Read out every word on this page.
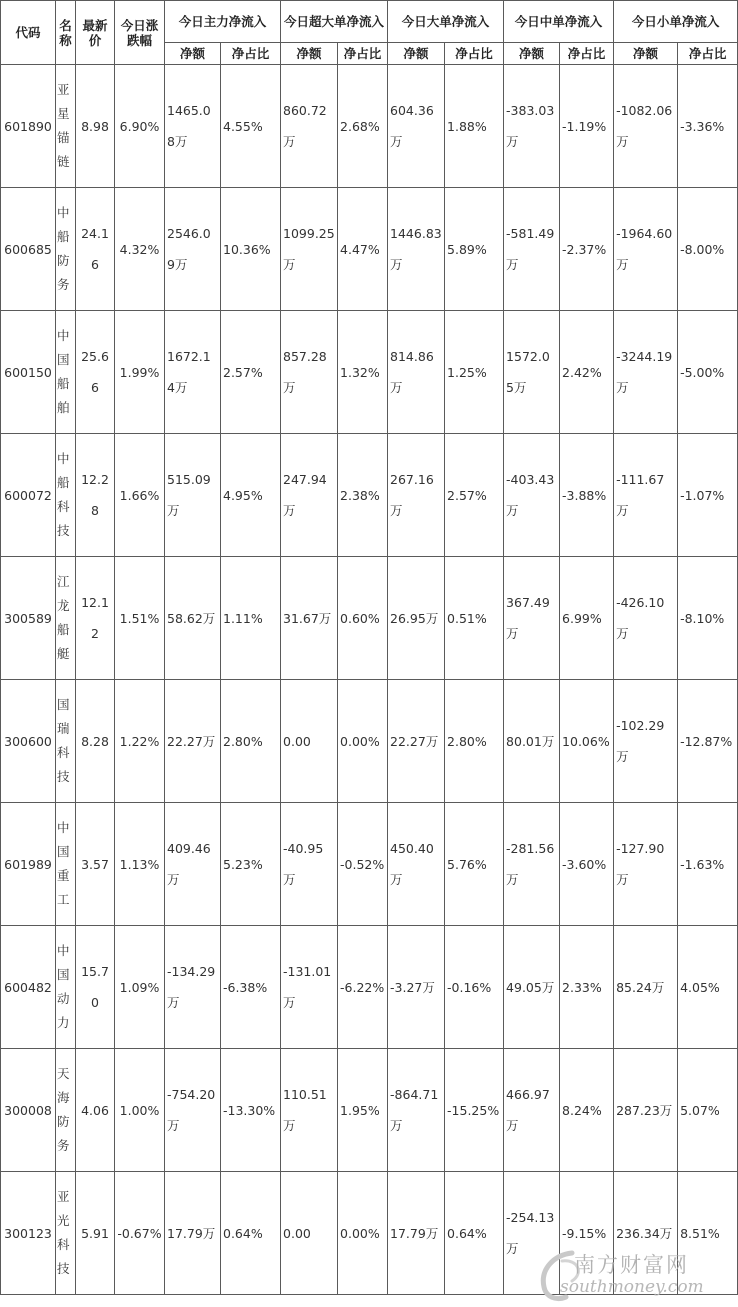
代码	名称	最新价	今日涨跌幅	今日主力净流入		今日超大单净流入		今日大单净流入		今日中单净流入		今日小单净流入	
				净额	净占比	净额	净占比	净额	净占比	净额	净占比	净额	净占比
601890	亚星锚链	8.98	6.90%	1465.08万	4.55%	860.72万	2.68%	604.36万	1.88%	-383.03万	-1.19%	-1082.06万	-3.36%
600685	中船防务	24.16	4.32%	2546.09万	10.36%	1099.25万	4.47%	1446.83万	5.89%	-581.49万	-2.37%	-1964.60万	-8.00%
600150	中国船舶	25.66	1.99%	1672.14万	2.57%	857.28万	1.32%	814.86万	1.25%	1572.05万	2.42%	-3244.19万	-5.00%
600072	中船科技	12.28	1.66%	515.09万	4.95%	247.94万	2.38%	267.16万	2.57%	-403.43万	-3.88%	-111.67万	-1.07%
300589	江龙船艇	12.12	1.51%	58.62万	1.11%	31.67万	0.60%	26.95万	0.51%	367.49万	6.99%	-426.10万	-8.10%
300600	国瑞科技	8.28	1.22%	22.27万	2.80%	0.00	0.00%	22.27万	2.80%	80.01万	10.06%	-102.29万	-12.87%
601989	中国重工	3.57	1.13%	409.46万	5.23%	-40.95万	-0.52%	450.40万	5.76%	-281.56万	-3.60%	-127.90万	-1.63%
600482	中国动力	15.70	1.09%	-134.29万	-6.38%	-131.01万	-6.22%	-3.27万	-0.16%	49.05万	2.33%	85.24万	4.05%
300008	天海防务	4.06	1.00%	-754.20万	-13.30%	110.51万	1.95%	-864.71万	-15.25%	466.97万	8.24%	287.23万	5.07%
300123	亚光科技	5.91	-0.67%	17.79万	0.64%	0.00	0.00%	17.79万	0.64%	-254.13万	-9.15%	236.34万	8.51%
南方财富网
southmoney.com
